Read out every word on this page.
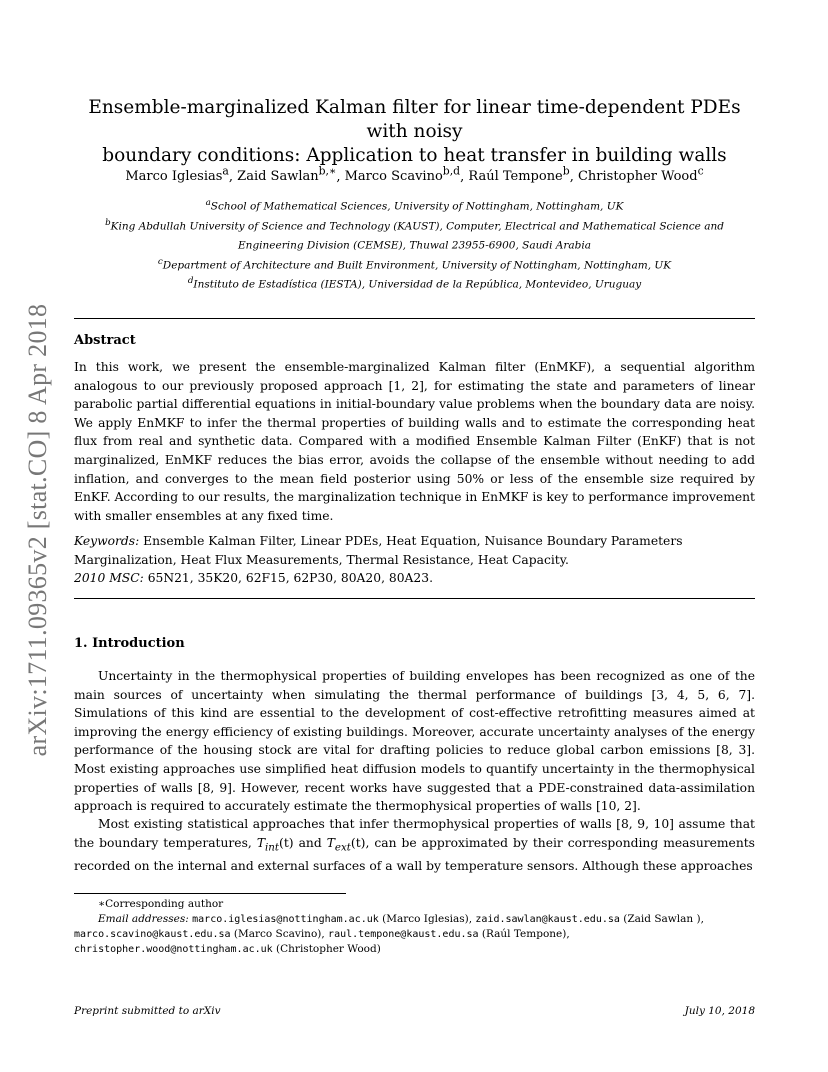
arXiv:1711.09365v2 [stat.CO] 8 Apr 2018
Ensemble-marginalized Kalman filter for linear time-dependent PDEs with noisy
boundary conditions: Application to heat transfer in building walls
Marco Iglesias$^a$, Zaid Sawlan$^{b,∗}$, Marco Scavino$^{b,d}$, Raúl Tempone$^b$, Christopher Wood$^c$
$^a$School of Mathematical Sciences, University of Nottingham, Nottingham, UK
$^b$King Abdullah University of Science and Technology (KAUST), Computer, Electrical and Mathematical Science and
Engineering Division (CEMSE), Thuwal 23955-6900, Saudi Arabia
$^c$Department of Architecture and Built Environment, University of Nottingham, Nottingham, UK
$^d$Instituto de Estadística (IESTA), Universidad de la República, Montevideo, Uruguay
Abstract
In this work, we present the ensemble-marginalized Kalman filter (EnMKF), a sequential algorithm analogous to our previously proposed approach [1, 2], for estimating the state and parameters of linear parabolic partial differential equations in initial-boundary value problems when the boundary data are noisy. We apply EnMKF to infer the thermal properties of building walls and to estimate the corresponding heat flux from real and synthetic data. Compared with a modified Ensemble Kalman Filter (EnKF) that is not marginalized, EnMKF reduces the bias error, avoids the collapse of the ensemble without needing to add inflation, and converges to the mean field posterior using 50% or less of the ensemble size required by EnKF. According to our results, the marginalization technique in EnMKF is key to performance improvement with smaller ensembles at any fixed time.
Keywords: Ensemble Kalman Filter, Linear PDEs, Heat Equation, Nuisance Boundary Parameters Marginalization, Heat Flux Measurements, Thermal Resistance, Heat Capacity.
2010 MSC: 65N21, 35K20, 62F15, 62P30, 80A20, 80A23.
1. Introduction
Uncertainty in the thermophysical properties of building envelopes has been recognized as one of the main sources of uncertainty when simulating the thermal performance of buildings [3, 4, 5, 6, 7]. Simulations of this kind are essential to the development of cost-effective retrofitting measures aimed at improving the energy efficiency of existing buildings. Moreover, accurate uncertainty analyses of the energy performance of the housing stock are vital for drafting policies to reduce global carbon emissions [8, 3]. Most existing approaches use simplified heat diffusion models to quantify uncertainty in the thermophysical properties of walls [8, 9]. However, recent works have suggested that a PDE-constrained data-assimilation approach is required to accurately estimate the thermophysical properties of walls [10, 2].
Most existing statistical approaches that infer thermophysical properties of walls [8, 9, 10] assume that the boundary temperatures, $T_{int}(t)$ and $T_{ext}(t)$, can be approximated by their corresponding measurements recorded on the internal and external surfaces of a wall by temperature sensors. Although these approaches
∗Corresponding author
Email addresses: marco.iglesias@nottingham.ac.uk (Marco Iglesias), zaid.sawlan@kaust.edu.sa (Zaid Sawlan ), marco.scavino@kaust.edu.sa (Marco Scavino), raul.tempone@kaust.edu.sa (Raúl Tempone), christopher.wood@nottingham.ac.uk (Christopher Wood)
Preprint submitted to arXiv	July 10, 2018
